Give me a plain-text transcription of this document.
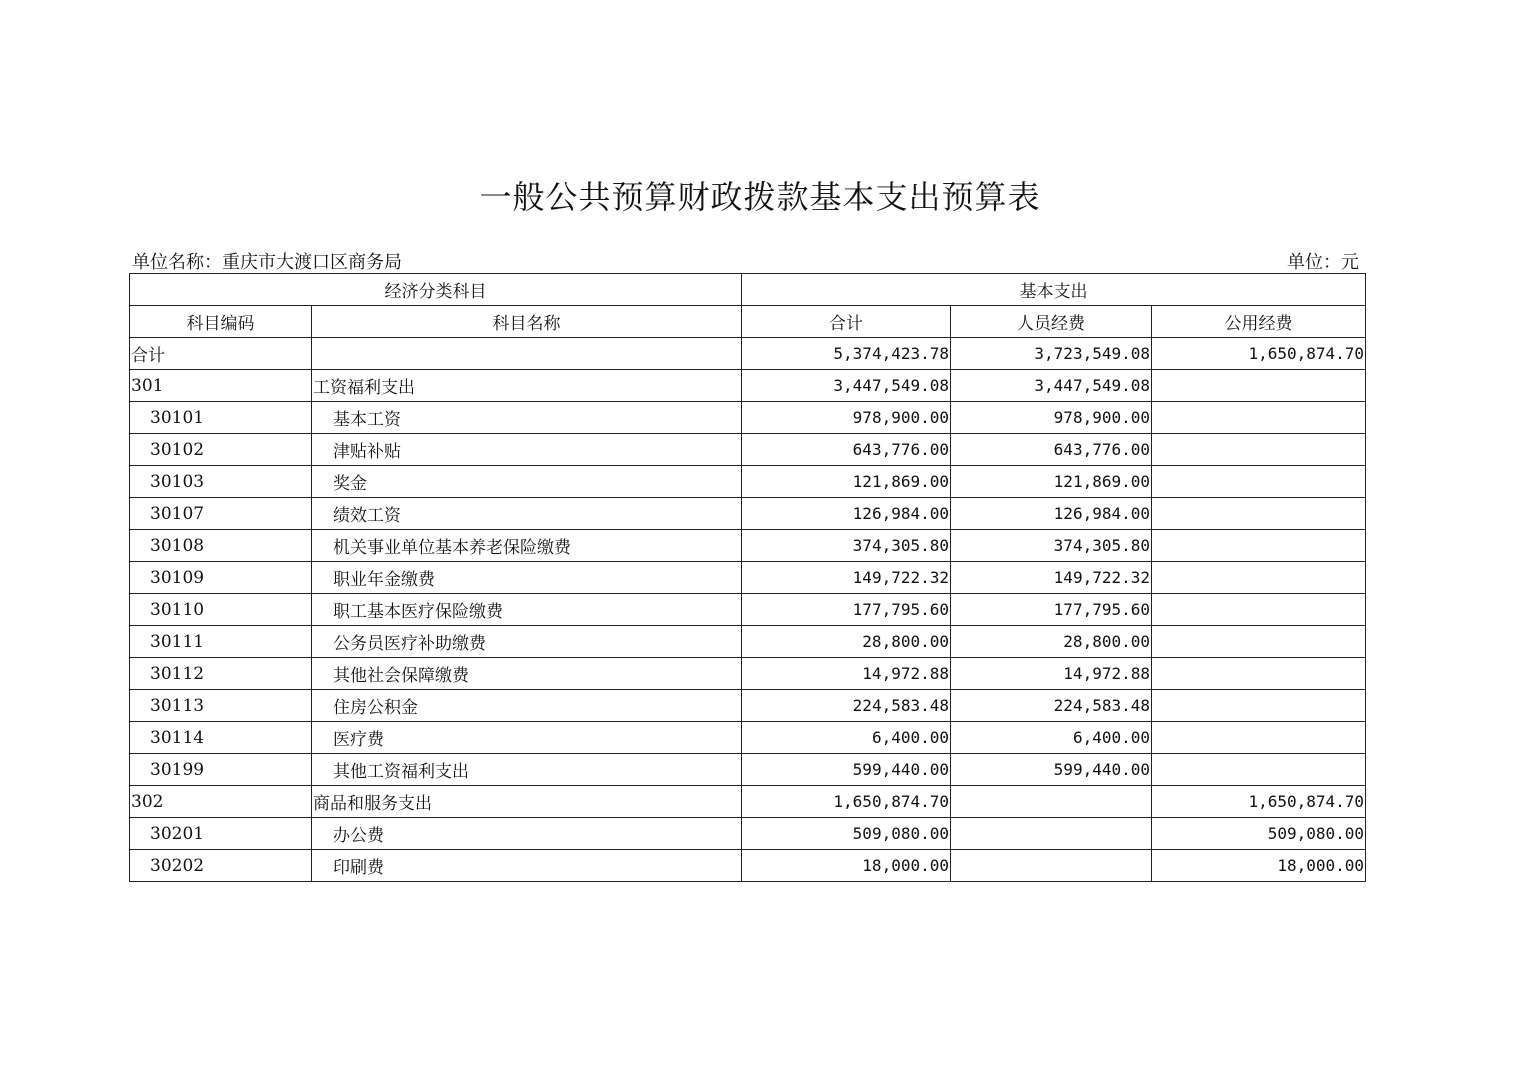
一般公共预算财政拨款基本支出预算表
单位名称：重庆市大渡口区商务局	单位：元
经济分类科目		基本支出		
科目编码	科目名称	合计	人员经费	公用经费
合计		5,374,423.78	3,723,549.08	1,650,874.70
301	工资福利支出	3,447,549.08	3,447,549.08	
30101	基本工资	978,900.00	978,900.00	
30102	津贴补贴	643,776.00	643,776.00	
30103	奖金	121,869.00	121,869.00	
30107	绩效工资	126,984.00	126,984.00	
30108	机关事业单位基本养老保险缴费	374,305.80	374,305.80	
30109	职业年金缴费	149,722.32	149,722.32	
30110	职工基本医疗保险缴费	177,795.60	177,795.60	
30111	公务员医疗补助缴费	28,800.00	28,800.00	
30112	其他社会保障缴费	14,972.88	14,972.88	
30113	住房公积金	224,583.48	224,583.48	
30114	医疗费	6,400.00	6,400.00	
30199	其他工资福利支出	599,440.00	599,440.00	
302	商品和服务支出	1,650,874.70		1,650,874.70
30201	办公费	509,080.00		509,080.00
30202	印刷费	18,000.00		18,000.00
